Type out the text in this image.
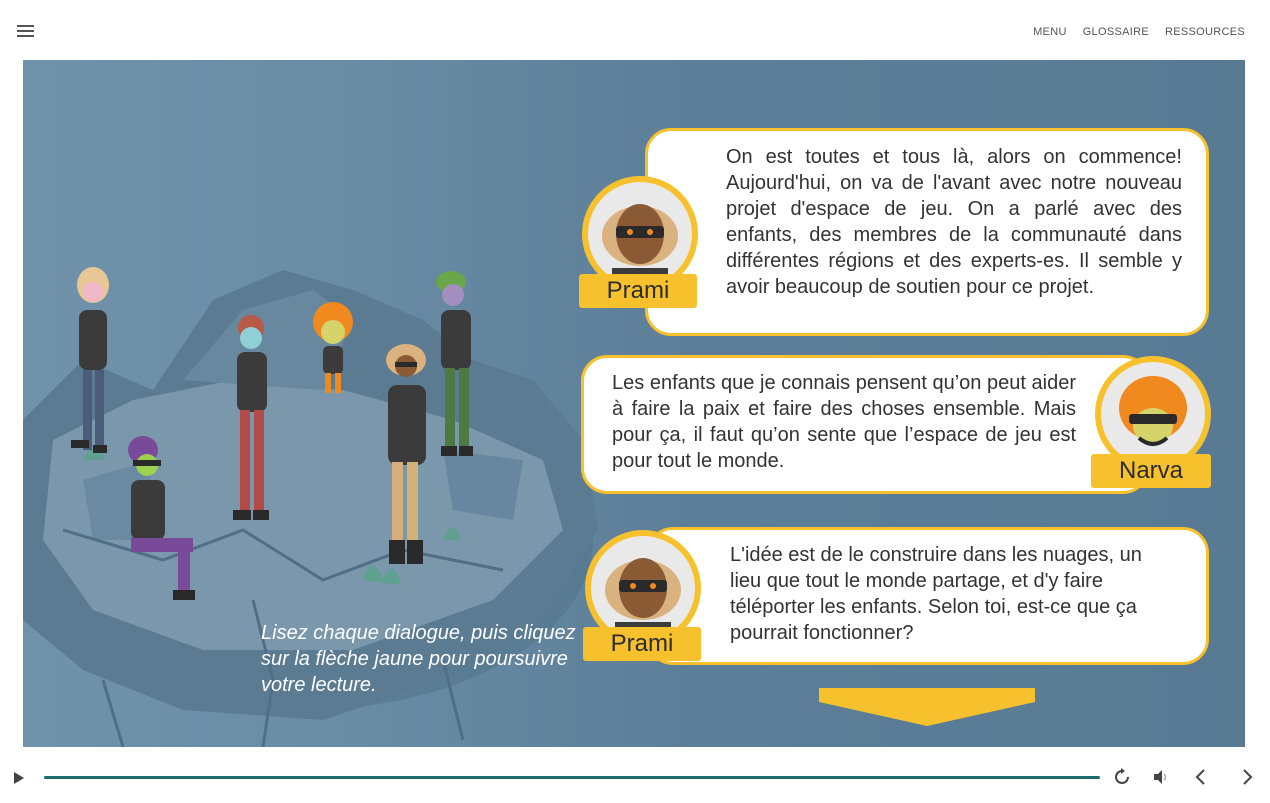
MENU GLOSSAIRE RESSOURCES
Lisez chaque dialogue, puis cliquez sur la flèche jaune pour poursuivre votre lecture.
On est toutes et tous là, alors on commence! Aujourd'hui, on va de l'avant avec notre nouveau projet d'espace de jeu. On a parlé avec des enfants, des membres de la communauté dans différentes régions et des experts-es. Il semble y avoir beaucoup de soutien pour ce projet.
Prami
Les enfants que je connais pensent qu’on peut aider à faire la paix et faire des choses ensemble. Mais pour ça, il faut qu’on sente que l’espace de jeu est pour tout le monde.	Narva
L'idée est de le construire dans les nuages, un lieu que tout le monde partage, et d'y faire téléporter les enfants. Selon toi, est-ce que ça pourrait fonctionner?
Prami
